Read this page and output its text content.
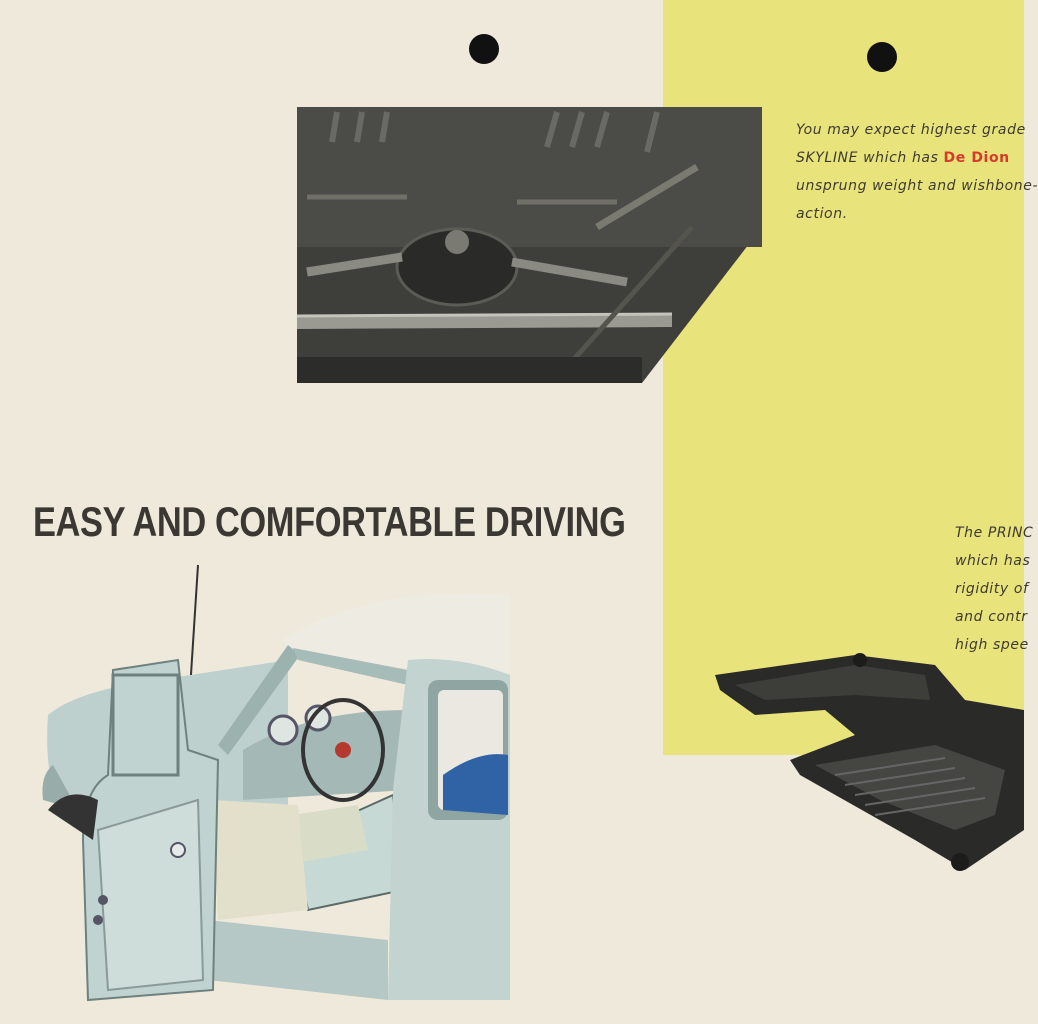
You may expect highest grade
SKYLINE which has De Dion
unsprung weight and wishbone-
action.
EASY AND COMFORTABLE DRIVING	The PRINC
which has
rigidity of
and contr
high spee
